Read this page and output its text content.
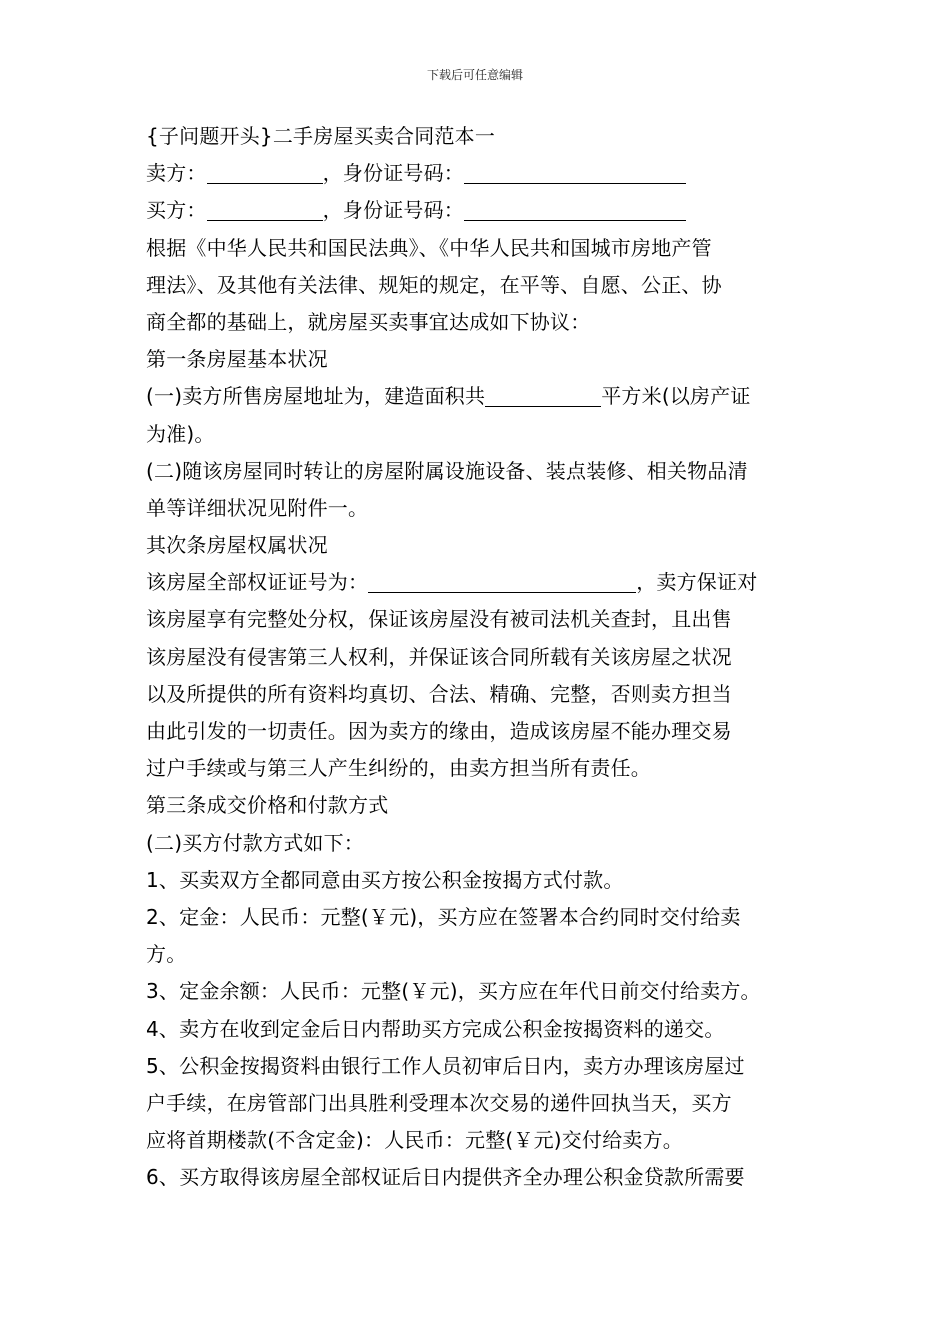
下载后可任意编辑
{子问题开头}二手房屋买卖合同范本一
卖方：	，身份证号码：
买方：	，身份证号码：
根据《中华人民共和国民法典》、《中华人民共和国城市房地产管
理法》、及其他有关法律、规矩的规定，在平等、自愿、公正、协
商全都的基础上，就房屋买卖事宜达成如下协议：
第一条房屋基本状况
(一)卖方所售房屋地址为，建造面积共	平方米(以房产证
为准)。
(二)随该房屋同时转让的房屋附属设施设备、装点装修、相关物品清
单等详细状况见附件一。
其次条房屋权属状况
该房屋全部权证证号为：	，卖方保证对
该房屋享有完整处分权，保证该房屋没有被司法机关查封，且出售
该房屋没有侵害第三人权利，并保证该合同所载有关该房屋之状况
以及所提供的所有资料均真切、合法、精确、完整，否则卖方担当
由此引发的一切责任。因为卖方的缘由，造成该房屋不能办理交易
过户手续或与第三人产生纠纷的，由卖方担当所有责任。
第三条成交价格和付款方式
(二)买方付款方式如下：
1、买卖双方全都同意由买方按公积金按揭方式付款。
2、定金：人民币：元整(￥元)，买方应在签署本合约同时交付给卖
方。
3、定金余额：人民币：元整(￥元)，买方应在年代日前交付给卖方。
4、卖方在收到定金后日内帮助买方完成公积金按揭资料的递交。
5、公积金按揭资料由银行工作人员初审后日内，卖方办理该房屋过
户手续，在房管部门出具胜利受理本次交易的递件回执当天，买方
应将首期楼款(不含定金)：人民币：元整(￥元)交付给卖方。
6、买方取得该房屋全部权证后日内提供齐全办理公积金贷款所需要
